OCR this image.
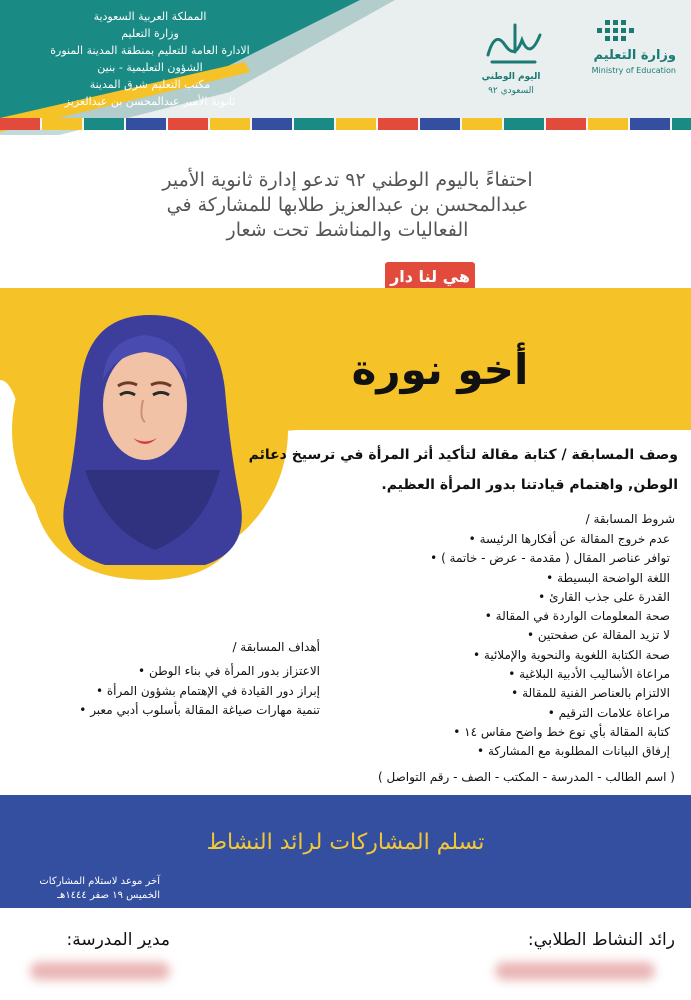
المملكة العربية السعودية
وزارة التعليم
الادارة العامة للتعليم بمنطقة المدينة المنورة
الشؤون التعليمية - بنين
مكتب التعليم شرق المدينة
ثانوية الأمير عبدالمحسن بن عبدالعزيز
وزارة التعليم
Ministry of Education
اليوم الوطني
السعودي ٩٢
احتفاءً باليوم الوطني ٩٢ تدعو إدارة ثانوية الأمير عبدالمحسن بن عبدالعزيز طلابها للمشاركة في الفعاليات والمناشط تحت شعار
هي لنا دار
أخو نورة
وصف المسابقة / كتابة مقالة لتأكيد أثر المرأة في ترسيخ دعائم الوطن, واهتمام قيادتنا بدور المرأة العظيم.
شروط المسابقة /
عدم خروج المقالة عن أفكارها الرئيسة •
توافر عناصر المقال ( مقدمة - عرض - خاتمة ) •
اللغة الواضحة البسيطة •
القدرة على جذب القارئ •
صحة المعلومات الواردة في المقالة •
لا تزيد المقالة عن صفحتين •
صحة الكتابة اللغوية والنحوية والإملائية •
مراعاة الأساليب الأدبية البلاغية •
الالتزام بالعناصر الفنية للمقالة •
مراعاة علامات الترقيم •
كتابة المقالة بأي نوع خط واضح مقاس ١٤ •
إرفاق البيانات المطلوبة مع المشاركة •
( اسم الطالب - المدرسة - المكتب - الصف - رقم التواصل )
أهداف المسابقة /
الاعتزاز بدور المرأة في بناء الوطن •
إبراز دور القيادة في الإهتمام بشؤون المرأة •
تنمية مهارات صياغة المقالة بأسلوب أدبي معبر •
تسلم المشاركات لرائد النشاط
آخر موعد لاستلام المشاركات
الخميس ١٩ صفر ١٤٤٤هـ
رائد النشاط الطلابي:
مدير المدرسة:
